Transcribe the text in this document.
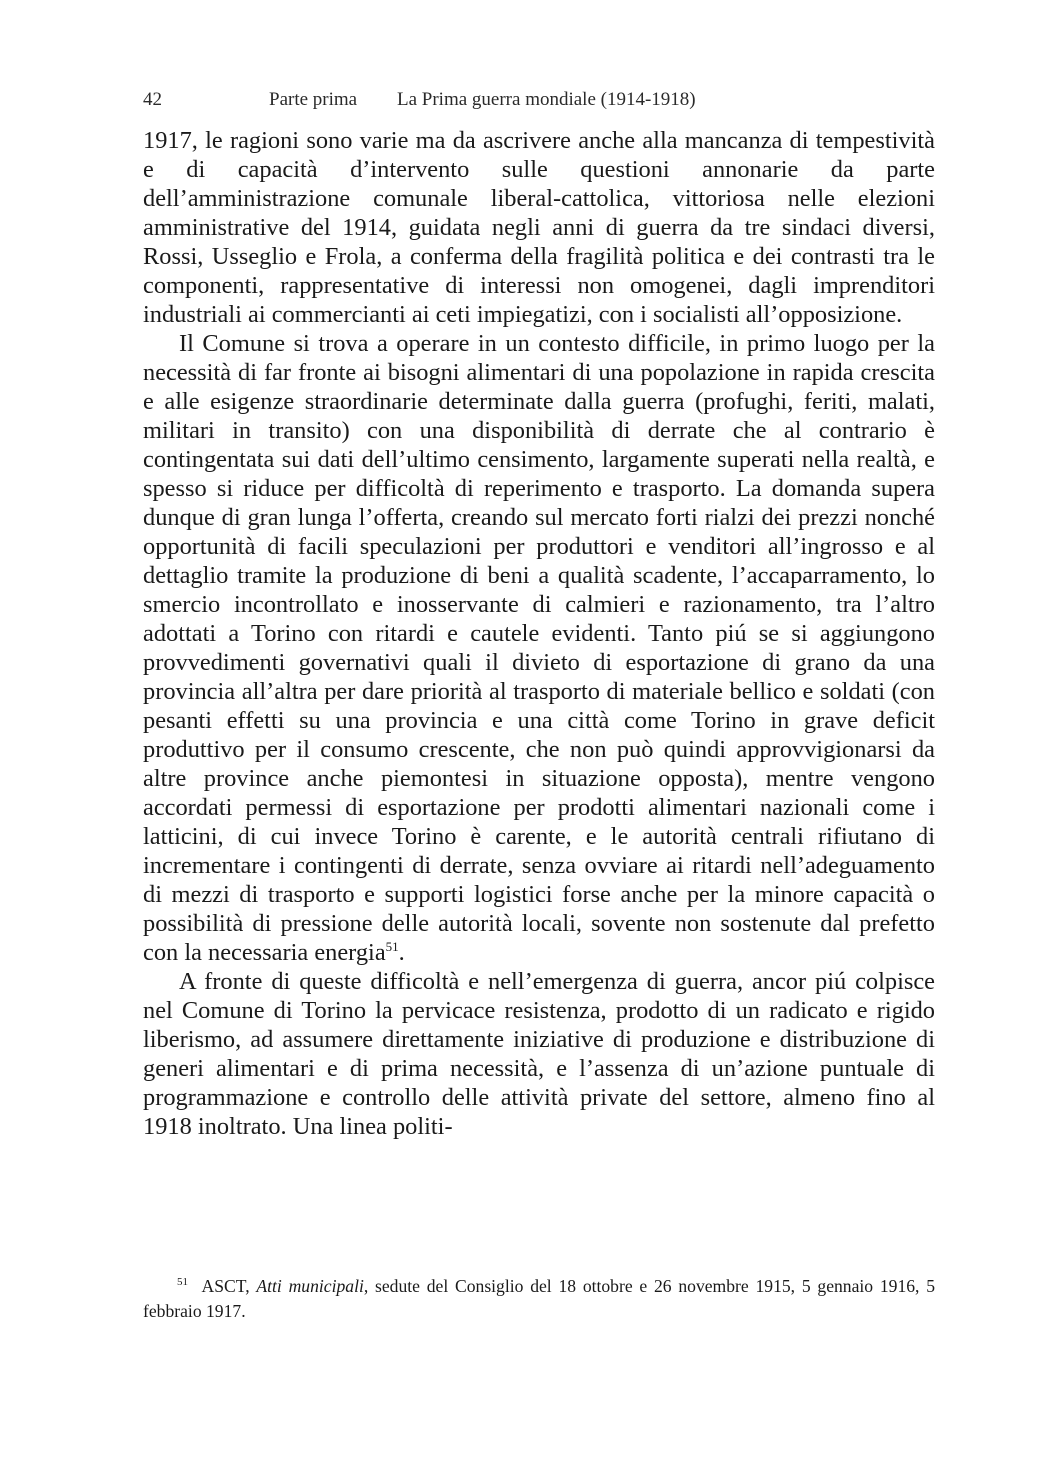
42	Parte prima La Prima guerra mondiale (1914-1918)

1917, le ragioni sono varie ma da ascrivere anche alla mancanza di tempestività e di capacità d’intervento sulle questioni annonarie da parte dell’amministrazione comunale liberal-cattolica, vittoriosa nelle elezioni amministrative del 1914, guidata negli anni di guerra da tre sindaci diversi, Rossi, Usseglio e Frola, a conferma della fragilità politica e dei contrasti tra le componenti, rappresentative di interessi non omogenei, dagli imprenditori industriali ai commercianti ai ceti impiegatizi, con i socialisti all’opposizione.

Il Comune si trova a operare in un contesto difficile, in primo luogo per la necessità di far fronte ai bisogni alimentari di una popolazione in rapida crescita e alle esigenze straordinarie determinate dalla guerra (profughi, feriti, malati, militari in transito) con una disponibilità di derrate che al contrario è contingentata sui dati dell’ultimo censimento, largamente superati nella realtà, e spesso si riduce per difficoltà di reperimento e trasporto. La domanda supera dunque di gran lunga l’offerta, creando sul mercato forti rialzi dei prezzi nonché opportunità di facili speculazioni per produttori e venditori all’ingrosso e al dettaglio tramite la produzione di beni a qualità scadente, l’accaparramento, lo smercio incontrollato e inosservante di calmieri e razionamento, tra l’altro adottati a Torino con ritardi e cautele evidenti. Tanto piú se si aggiungono provvedimenti governativi quali il divieto di esportazione di grano da una provincia all’altra per dare priorità al trasporto di materiale bellico e soldati (con pesanti effetti su una provincia e una città come Torino in grave deficit produttivo per il consumo crescente, che non può quindi approvvigionarsi da altre province anche piemontesi in situazione opposta), mentre vengono accordati permessi di esportazione per prodotti alimentari nazionali come i latticini, di cui invece Torino è carente, e le autorità centrali rifiutano di incrementare i contingenti di derrate, senza ovviare ai ritardi nell’adeguamento di mezzi di trasporto e supporti logistici forse anche per la minore capacità o possibilità di pressione delle autorità locali, sovente non sostenute dal prefetto con la necessaria energia$^{51}$.

A fronte di queste difficoltà e nell’emergenza di guerra, ancor piú colpisce nel Comune di Torino la pervicace resistenza, prodotto di un radicato e rigido liberismo, ad assumere direttamente iniziative di produzione e distribuzione di generi alimentari e di prima necessità, e l’assenza di un’azione puntuale di programmazione e controllo delle attività private del settore, almeno fino al 1918 inoltrato. Una linea politi-

$^{51}$ ASCT, Atti municipali, sedute del Consiglio del 18 ottobre e 26 novembre 1915, 5 gennaio 1916, 5 febbraio 1917.
